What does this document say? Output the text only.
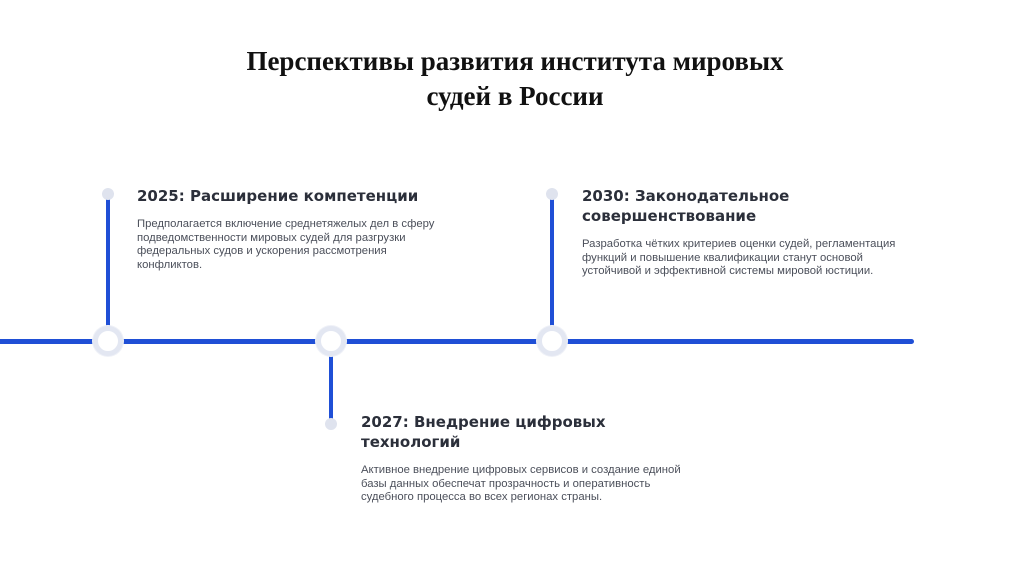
Перспективы развития института мировых
судей в России
2025: Расширение компетенции

Предполагается включение среднетяжелых дел в сферу подведомственности мировых судей для разгрузки федеральных судов и ускорения рассмотрения конфликтов.

2027: Внедрение цифровых технологий

Активное внедрение цифровых сервисов и создание единой базы данных обеспечат прозрачность и оперативность судебного процесса во всех регионах страны.

2030: Законодательное совершенствование

Разработка чётких критериев оценки судей, регламентация функций и повышение квалификации станут основой устойчивой и эффективной системы мировой юстиции.
